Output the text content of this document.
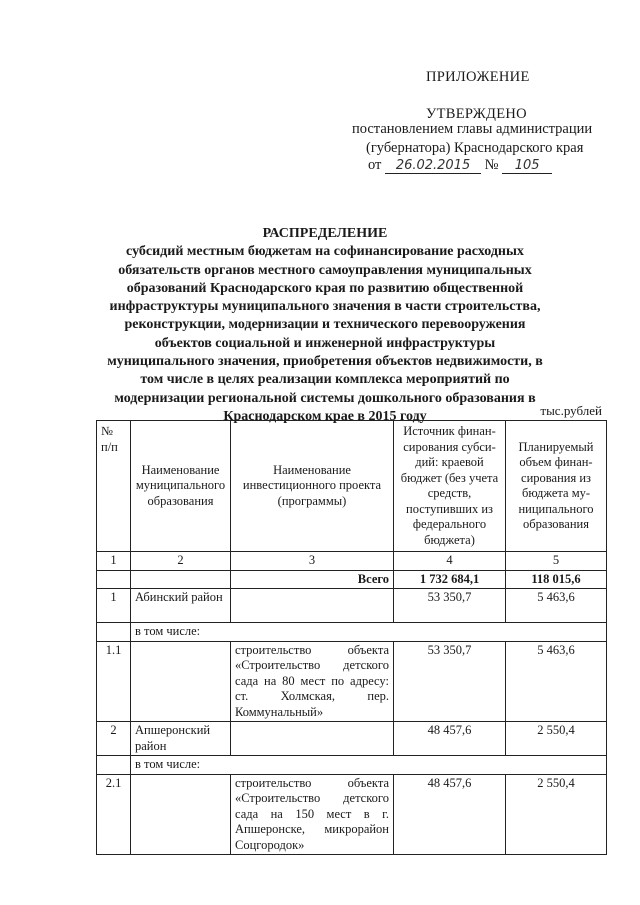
ПРИЛОЖЕНИЕ
УТВЕРЖДЕНО
постановлением главы администрации
(губернатора) Краснодарского края
от 26.02.2015 № 105
РАСПРЕДЕЛЕНИЕ
субсидий местным бюджетам на софинансирование расходных обязательств органов местного самоуправления муниципальных образований Краснодарского края по развитию общественной инфраструктуры муниципального значения в части строительства, реконструкции, модернизации и технического перевооружения объектов социальной и инженерной инфраструктуры муниципального значения, приобретения объектов недвижимости, в том числе в целях реализации комплекса мероприятий по модернизации региональной системы дошкольного образования в Краснодарском крае в 2015 году	тыс.рублей
№ п/п	Наименование муниципального образования	Наименование инвестиционного проекта (программы)	Источник финан-сирования субси-дий: краевой бюджет (без учета средств, поступивших из федерального бюджета)	Планируемый объем финан-сирования из бюджета му-ниципального образования
1	2	3	4	5
		Всего	1 732 684,1	118 015,6
1	Абинский район		53 350,7	5 463,6
	в том числе:			
1.1		строительство объекта «Строительство детского сада на 80 мест по адресу: ст. Холмская, пер. Коммунальный»	53 350,7	5 463,6
2	Апшеронский район		48 457,6	2 550,4
	в том числе:			
2.1		строительство объекта «Строительство детского сада на 150 мест в г. Апшеронске, микрорайон Соцгородок»	48 457,6	2 550,4
